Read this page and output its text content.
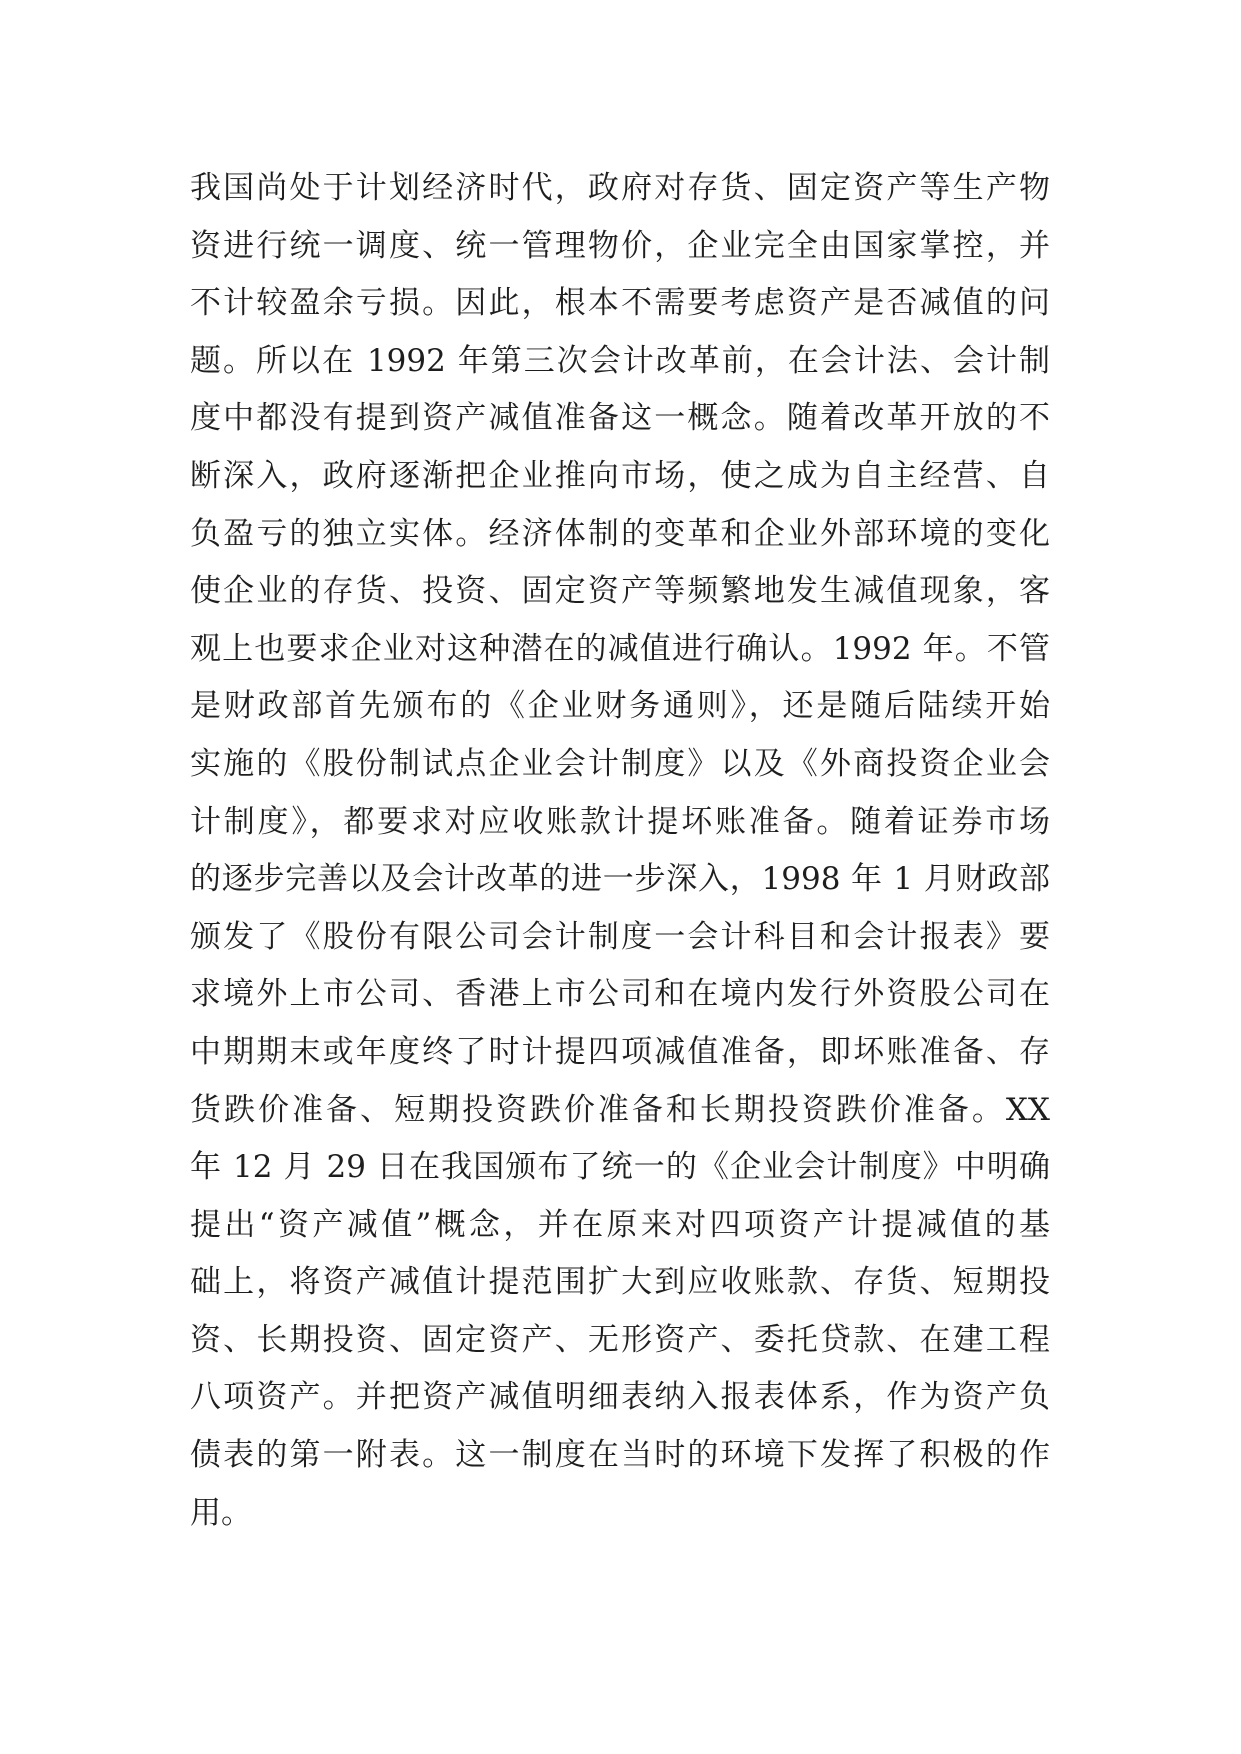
我国尚处于计划经济时代，政府对存货、固定资产等生产物
资进行统一调度、统一管理物价，企业完全由国家掌控，并
不计较盈余亏损。因此，根本不需要考虑资产是否减值的问
题。所以在 1992 年第三次会计改革前，在会计法、会计制
度中都没有提到资产减值准备这一概念。随着改革开放的不
断深入，政府逐渐把企业推向市场，使之成为自主经营、自
负盈亏的独立实体。经济体制的变革和企业外部环境的变化
使企业的存货、投资、固定资产等频繁地发生减值现象，客
观上也要求企业对这种潜在的减值进行确认。1992 年。不管
是财政部首先颁布的《企业财务通则》，还是随后陆续开始
实施的《股份制试点企业会计制度》以及《外商投资企业会
计制度》，都要求对应收账款计提坏账准备。随着证券市场
的逐步完善以及会计改革的进一步深入，1998 年 1 月财政部
颁发了《股份有限公司会计制度一会计科目和会计报表》要
求境外上市公司、香港上市公司和在境内发行外资股公司在
中期期末或年度终了时计提四项减值准备，即坏账准备、存
货跌价准备、短期投资跌价准备和长期投资跌价准备。XX
年 12 月 29 日在我国颁布了统一的《企业会计制度》中明确
提出“资产减值”概念，并在原来对四项资产计提减值的基
础上，将资产减值计提范围扩大到应收账款、存货、短期投
资、长期投资、固定资产、无形资产、委托贷款、在建工程
八项资产。并把资产减值明细表纳入报表体系，作为资产负
债表的第一附表。这一制度在当时的环境下发挥了积极的作
用。
